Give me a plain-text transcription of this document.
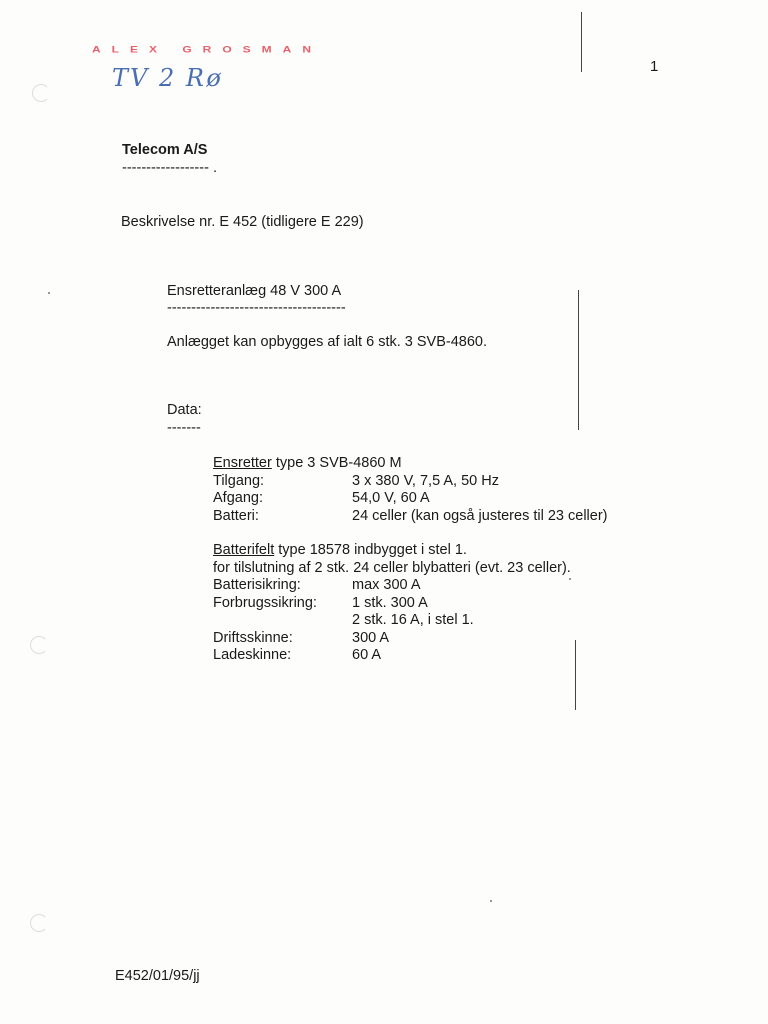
ALEX GROSMAN
TV 2 Rø	1
Telecom A/S
------------------ .
Beskrivelse nr. E 452 (tidligere E 229)
Ensretteranlæg 48 V 300 A
-------------------------------------
Anlægget kan opbygges af ialt 6 stk. 3 SVB-4860.
Data:
-------
Ensretter type 3 SVB-4860 M
Tilgang:	3 x 380 V, 7,5 A, 50 Hz
Afgang:	54,0 V, 60 A
Batteri:	24 celler (kan også justeres til 23 celler)
Batterifelt type 18578 indbygget i stel 1.
for tilslutning af 2 stk. 24 celler blybatteri (evt. 23 celler).
Batterisikring:	max 300 A
Forbrugssikring: 1 stk. 300 A
2 stk. 16 A, i stel 1.
Driftsskinne:	300 A
Ladeskinne:	60 A
E452/01/95/jj
